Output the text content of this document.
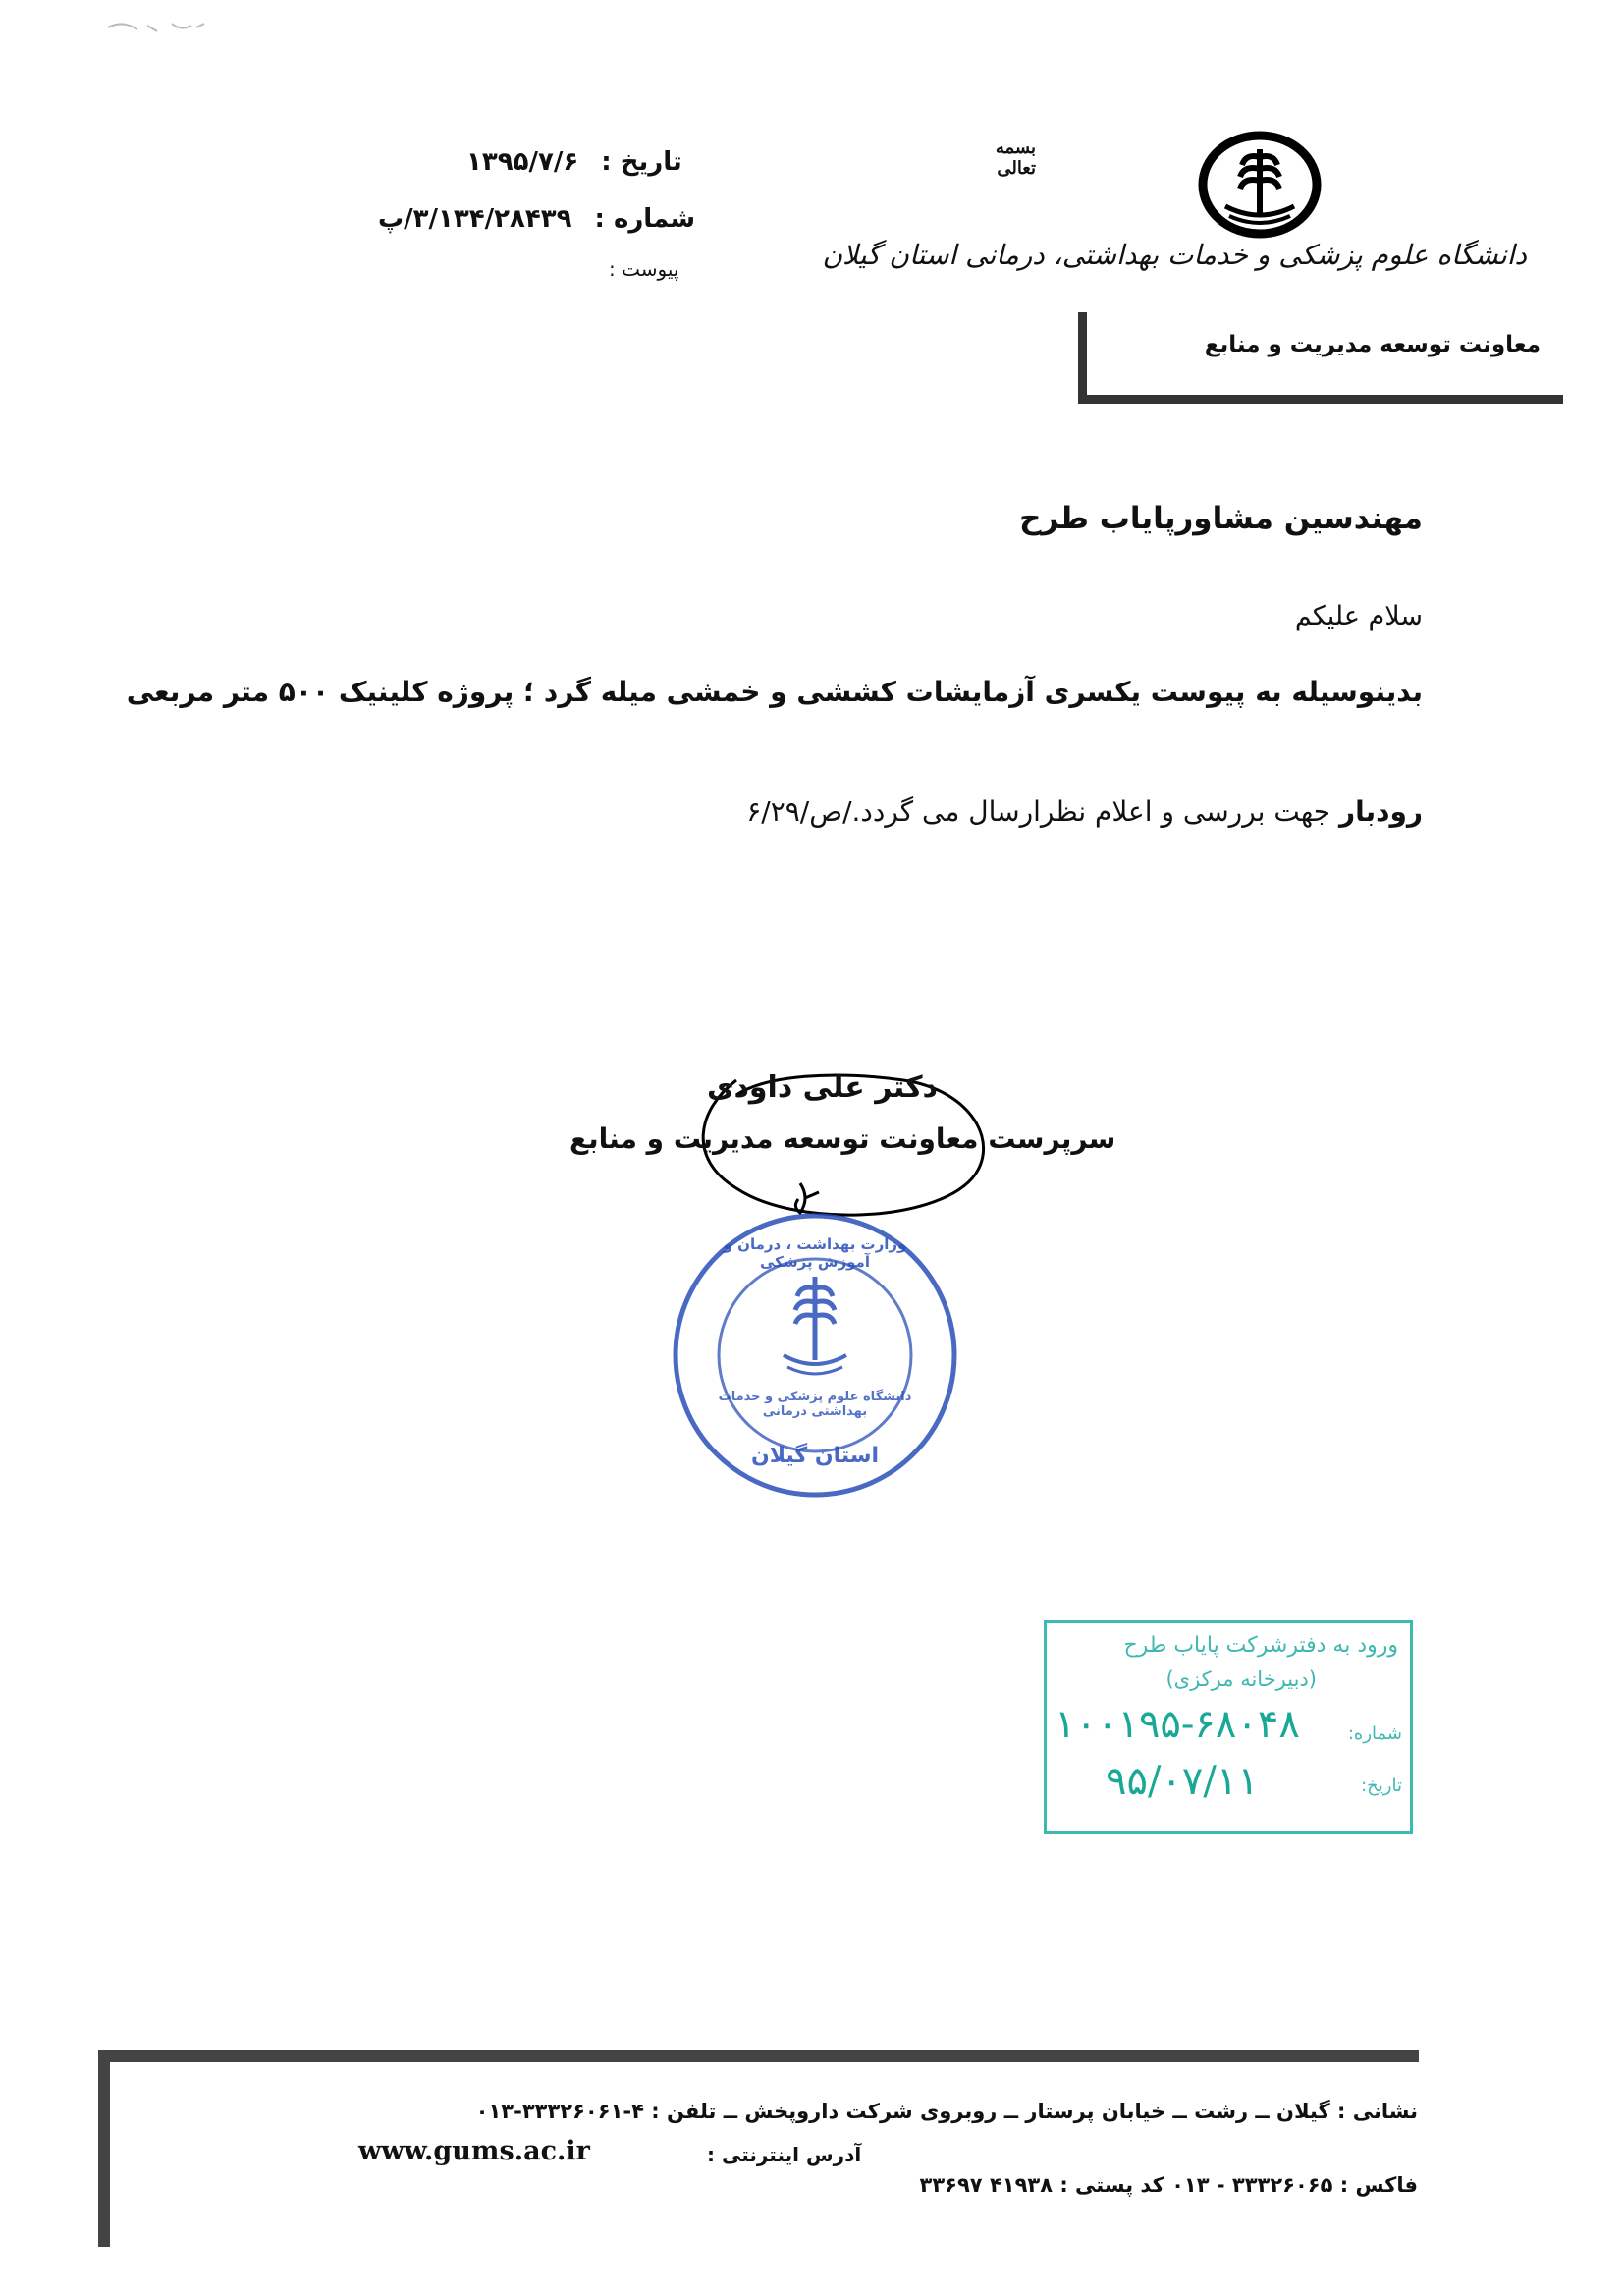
تاریخ : ۱۳۹۵/۷/۶
شماره : ۳/۱۳۴/۲۸۴۳۹/پ
پیوست :
بسمه تعالی
دانشگاه علوم پزشکی و خدمات بهداشتی، درمانی استان گیلان
معاونت توسعه مدیریت و منابع
مهندسین مشاورپایاب طرح
سلام علیکم
بدینوسیله به پیوست یکسری آزمایشات کششی و خمشی میله گرد ؛ پروژه کلینیک ۵۰۰ متر مربعی
رودبار جهت بررسی و اعلام نظرارسال می گردد./ص/۶/۲۹
دکتر علی داودی
سرپرست معاونت توسعه مدیریت و منابع
وزارت بهداشت ، درمان و آموزش پزشکی
دانشگاه علوم پزشکی و خدمات بهداشتی درمانی
استان گیلان
ورود به دفترشرکت پایاب طرح
(دبیرخانه مرکزی)
شماره:
۱۰۰۱۹۵-۶۸۰۴۸
تاریخ:
۹۵/۰۷/۱۱
نشانی : گیلان ــ رشت ــ خیابان پرستار ــ روبروی شرکت داروپخش ــ تلفن : ۴-۳۳۳۲۶۰۶۱-۰۱۳
www.gums.ac.ir	آدرس اینترنتی :
فاکس : ۳۳۳۲۶۰۶۵ - ۰۱۳ کد پستی : ۴۱۹۳۸ ۳۳۶۹۷
